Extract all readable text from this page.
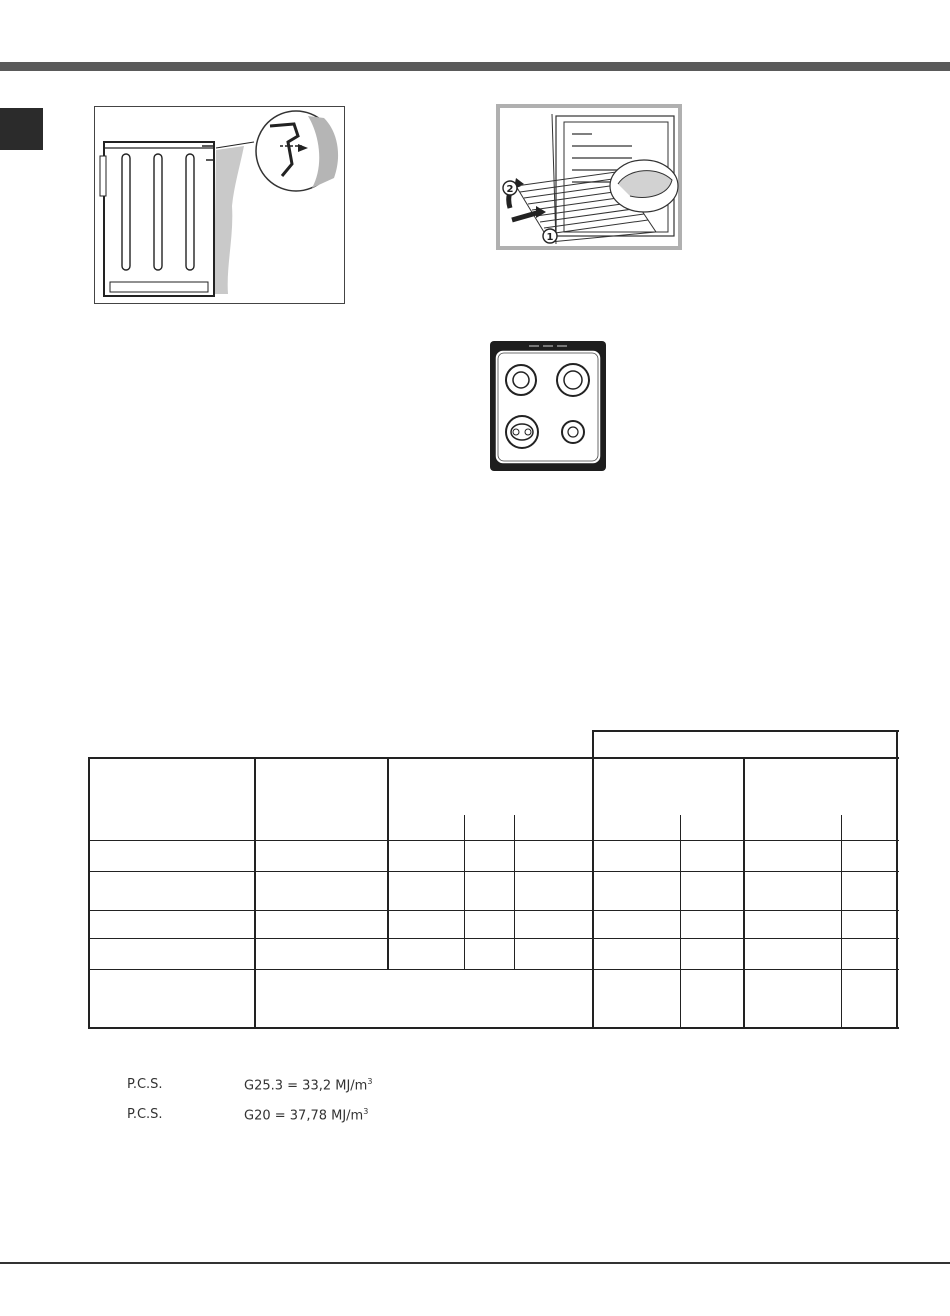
2
1
P.C.S.	G25.3 = 33,2 $MJ/m^3$
P.C.S.	G20 = 37,78 $MJ/m^3$
